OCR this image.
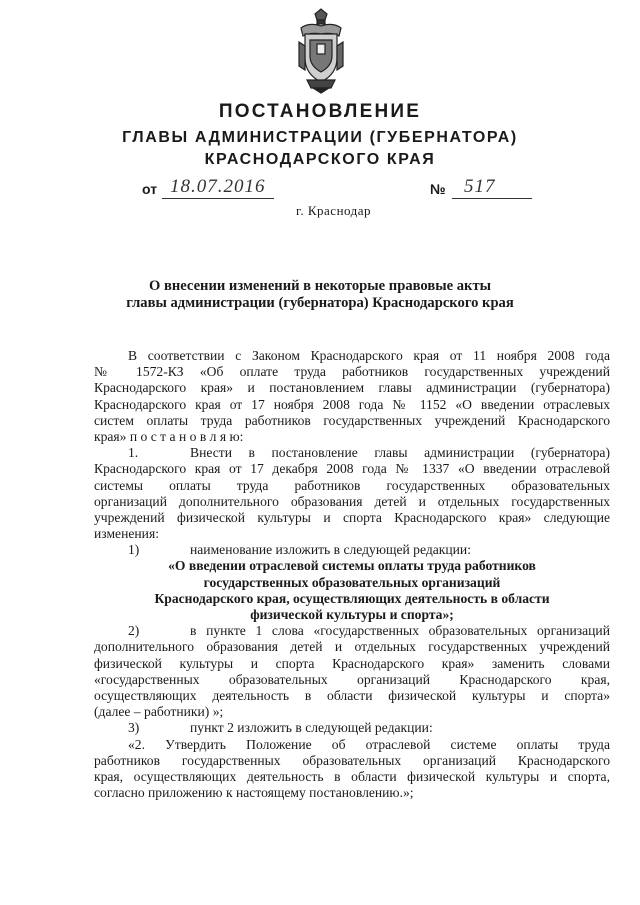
ПОСТАНОВЛЕНИЕ
ГЛАВЫ АДМИНИСТРАЦИИ (ГУБЕРНАТОРА)
КРАСНОДАРСКОГО КРАЯ
от 18.07.2016	№ 517
г. Краснодар
О внесении изменений в некоторые правовые акты
главы администрации (губернатора) Краснодарского края

В соответствии с Законом Краснодарского края от 11 ноября 2008 года

№ 1572-КЗ «Об оплате труда работников государственных учреждений

Краснодарского края» и постановлением главы администрации (губернатора)

Краснодарского края от 17 ноября 2008 года № 1152 «О введении отраслевых

систем оплаты труда работников государственных учреждений Краснодарского

края» п о с т а н о в л я ю:

1.	Внести в постановление главы администрации (губернатора)

Краснодарского края от 17 декабря 2008 года № 1337 «О введении отраслевой

системы оплаты труда работников государственных образовательных

организаций дополнительного образования детей и отдельных государственных

учреждений физической культуры и спорта Краснодарского края» следующие

изменения:

1)	наименование изложить в следующей редакции:

«О введении отраслевой системы оплаты труда работников

государственных образовательных организаций

Краснодарского края, осуществляющих деятельность в области

физической культуры и спорта»;

2)	в пункте 1 слова «государственных образовательных организаций

дополнительного образования детей и отдельных государственных учреждений

физической культуры и спорта Краснодарского края» заменить словами

«государственных образовательных организаций Краснодарского края,

осуществляющих деятельность в области физической культуры и спорта»

(далее – работники) »;

3)	пункт 2 изложить в следующей редакции:

«2. Утвердить Положение об отраслевой системе оплаты труда

работников государственных образовательных организаций Краснодарского

края, осуществляющих деятельность в области физической культуры и спорта,

согласно приложению к настоящему постановлению.»;
